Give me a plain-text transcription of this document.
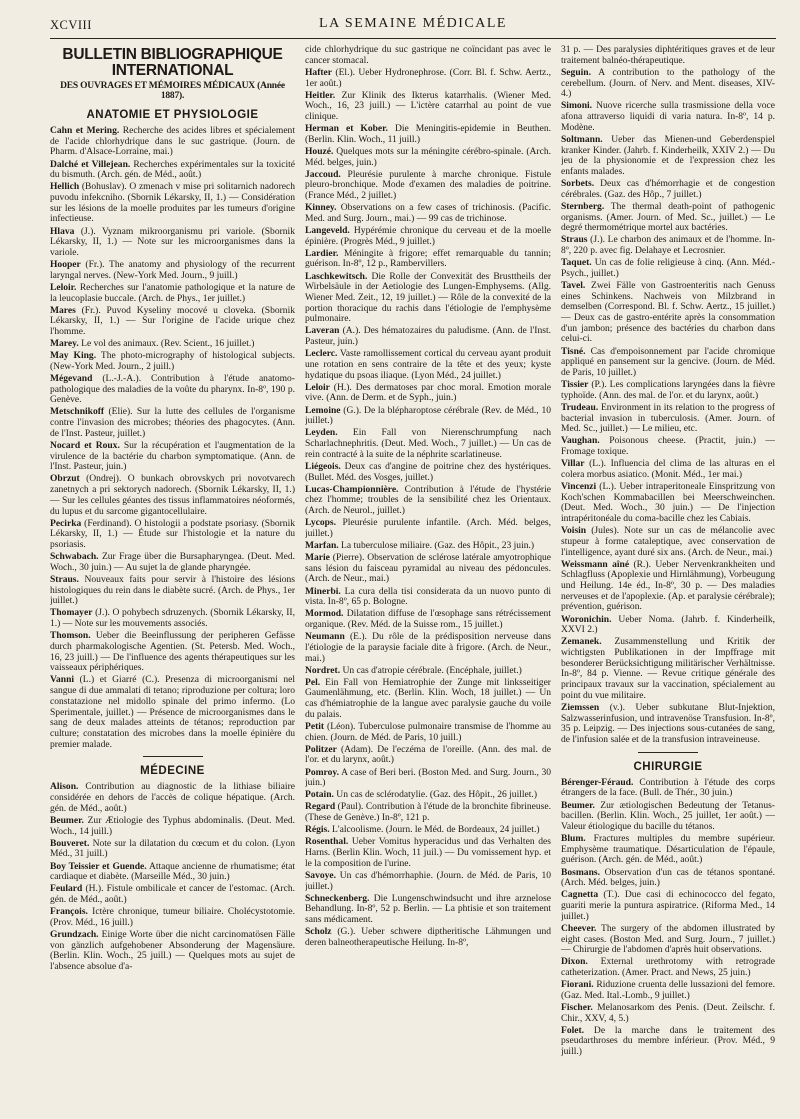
XCVIII	LA SEMAINE MÉDICALE
BULLETIN BIBLIOGRAPHIQUE INTERNATIONAL
DES OUVRAGES ET MÉMOIRES MÉDICAUX (Année 1887).
ANATOMIE ET PHYSIOLOGIE

Cahn et Mering. Recherche des acides libres et spécialement de l'acide chlorhydrique dans le suc gastrique. (Journ. de Pharm. d'Alsace-Lorraine, mai.)

Dalché et Villejean. Recherches expérimentales sur la toxicité du bismuth. (Arch. gén. de Méd., août.)

Hellich (Bohuslav). O zmenach v mise pri solitarnich nadorech puvodu infekcniho. (Sbornik Lékarsky, II, 1.) — Considération sur les lésions de la moelle produites par les tumeurs d'origine infectieuse.

Hlava (J.). Vyznam mikroorganismu pri variole. (Sbornik Lékarsky, II, 1.) — Note sur les microorganismes dans la variole.

Hooper (Fr.). The anatomy and physiology of the recurrent laryngal nerves. (New-York Med. Journ., 9 juill.)

Leloir. Recherches sur l'anatomie pathologique et la nature de la leucoplasie buccale. (Arch. de Phys., 1er juillet.)

Mares (Fr.). Puvod Kyseliny mocové u cloveka. (Sbornik Lékarsky, II, 1.) — Sur l'origine de l'acide urique chez l'homme.

Marey. Le vol des animaux. (Rev. Scient., 16 juillet.)

May King. The photo-micrography of histological subjects. (New-York Med. Journ., 2 juill.)

Mégevand (L.-J.-A.). Contribution à l'étude anatomo-pathologique des maladies de la voûte du pharynx. In-8º, 190 p. Genève.

Metschnikoff (Elie). Sur la lutte des cellules de l'organisme contre l'invasion des microbes; théories des phagocytes. (Ann. de l'Inst. Pasteur, juillet.)

Nocard et Roux. Sur la récupération et l'augmentation de la virulence de la bactérie du charbon symptomatique. (Ann. de l'Inst. Pasteur, juin.)

Obrzut (Ondrej). O bunkach obrovskych pri novotvarech zanetnych a pri sektorych nadorech. (Sbornik Lékarsky, II, 1.) — Sur les cellules géantes des tissus inflammatoires néoformés, du lupus et du sarcome gigantocellulaire.

Pecirka (Ferdinand). O histologii a podstate psoriasy. (Sbornik Lékarsky, II, 1.) — Étude sur l'histologie et la nature du psoriasis.

Schwabach. Zur Frage über die Bursapharyngea. (Deut. Med. Woch., 30 juin.) — Au sujet la de glande pharyngée.

Straus. Nouveaux faits pour servir à l'histoire des lésions histologiques du rein dans le diabète sucré. (Arch. de Phys., 1er juillet.)

Thomayer (J.). O pohybech sdruzenych. (Sbornik Lékarsky, II, 1.) — Note sur les mouvements associés.

Thomson. Ueber die Beeinflussung der peripheren Gefässe durch pharmakologische Agentien. (St. Petersb. Med. Woch., 16, 23 juill.) — De l'influence des agents thérapeutiques sur les vaisseaux périphériques.

Vanni (L.) et Giarré (C.). Presenza di microorganismi nel sangue di due ammalati di tetano; riproduzione per coltura; loro constatazione nel midollo spinale del primo infermo. (Lo Sperimentale, juillet.) — Présence de microorganismes dans le sang de deux malades atteints de tétanos; reproduction par culture; constatation des microbes dans la moelle épinière du premier malade.

MÉDECINE

Alison. Contribution au diagnostic de la lithiase biliaire considérée en dehors de l'accès de colique hépatique. (Arch. gén. de Méd., août.)

Beumer. Zur Ætiologie des Typhus abdominalis. (Deut. Med. Woch., 14 juill.)

Bouveret. Note sur la dilatation du cœcum et du colon. (Lyon Méd., 31 juill.)

Boy Teissier et Guende. Attaque ancienne de rhumatisme; état cardiaque et diabète. (Marseille Méd., 30 juin.)

Feulard (H.). Fistule ombilicale et cancer de l'estomac. (Arch. gén. de Méd., août.)

François. Ictère chronique, tumeur biliaire. Cholécystotomie. (Prov. Méd., 16 juill.)

Grundzach. Einige Worte über die nicht carcinomatösen Fälle von gänzlich aufgehobener Absonderung der Magensäure. (Berlin. Klin. Woch., 25 juill.) — Quelques mots au sujet de l'absence absolue d'a-

cide chlorhydrique du suc gastrique ne coïncidant pas avec le cancer stomacal.

Hafter (El.). Ueber Hydronephrose. (Corr. Bl. f. Schw. Aertz., 1er août.)

Heitler. Zur Klinik des Ikterus katarrhalis. (Wiener Med. Woch., 16, 23 juill.) — L'ictère catarrhal au point de vue clinique.

Herman et Kober. Die Meningitis-epidemie in Beuthen. (Berlin. Klin. Woch., 11 juill.)

Houzé. Quelques mots sur la méningite cérébro-spinale. (Arch. Méd. belges, juin.)

Jaccoud. Pleurésie purulente à marche chronique. Fistule pleuro-bronchique. Mode d'examen des maladies de poitrine. (France Méd., 2 juillet.)

Kinney. Observations on a few cases of trichinosis. (Pacific. Med. and Surg. Journ., mai.) — 99 cas de trichinose.

Langeveld. Hypérémie chronique du cerveau et de la moelle épinière. (Progrès Méd., 9 juillet.)

Lardier. Méningite à frigore; effet remarquable du tannin; guérison. In-8º, 12 p., Rambervillers.

Laschkewitsch. Die Rolle der Convexität des Brusttheils der Wirbelsäule in der Aetiologie des Lungen-Emphysems. (Allg. Wiener Med. Zeit., 12, 19 juillet.) — Rôle de la convexité de la portion thoracique du rachis dans l'étiologie de l'emphysème pulmonaire.

Laveran (A.). Des hématozaires du paludisme. (Ann. de l'Inst. Pasteur, juin.)

Leclerc. Vaste ramollissement cortical du cerveau ayant produit une rotation en sens contraire de la tête et des yeux; kyste hydatique du psoas iliaque. (Lyon Méd., 24 juillet.)

Leloir (H.). Des dermatoses par choc moral. Emotion morale vive. (Ann. de Derm. et de Syph., juin.)

Lemoine (G.). De la blépharoptose cérébrale (Rev. de Méd., 10 juillet.)

Leyden. Ein Fall von Nierenschrumpfung nach Scharlachnephritis. (Deut. Med. Woch., 7 juillet.) — Un cas de rein contracté à la suite de la néphrite scarlatineuse.

Liégeois. Deux cas d'angine de poitrine chez des hystériques. (Bullet. Méd. des Vosges, juillet.)

Lucas-Championnière. Contribution à l'étude de l'hystérie chez l'homme; troubles de la sensibilité chez les Orientaux. (Arch. de Neurol., juillet.)

Lycops. Pleurésie purulente infantile. (Arch. Méd. belges, juillet.)

Marfan. La tuberculose miliaire. (Gaz. des Hôpit., 23 juin.)

Marie (Pierre). Observation de sclérose latérale amyotrophique sans lésion du faisceau pyramidal au niveau des pédoncules. (Arch. de Neur., mai.)

Minerbi. La cura della tisi considerata da un nuovo punto di vista. In-8º, 65 p. Bologne.

Mormod. Dilatation diffuse de l'œsophage sans rétrécissement organique. (Rev. Méd. de la Suisse rom., 15 juillet.)

Neumann (E.). Du rôle de la prédisposition nerveuse dans l'étiologie de la paraysie faciale dite à frigore. (Arch. de Neur., mai.)

Nordret. Un cas d'atropie cérébrale. (Encéphale, juillet.)

Pel. Ein Fall von Hemiatrophie der Zunge mit linksseitiger Gaumenlähmung, etc. (Berlin. Klin. Woch, 18 juillet.) — Un cas d'hémiatrophie de la langue avec paralysie gauche du voile du palais.

Petit (Léon). Tuberculose pulmonaire transmise de l'homme au chien. (Journ. de Méd. de Paris, 10 juill.)

Politzer (Adam). De l'eczéma de l'oreille. (Ann. des mal. de l'or. et du larynx, août.)

Pomroy. A case of Beri beri. (Boston Med. and Surg. Journ., 30 juin.)

Potain. Un cas de sclérodatylie. (Gaz. des Hôpit., 26 juillet.)

Regard (Paul). Contribution à l'étude de la bronchite fibrineuse. (These de Genève.) In-8º, 121 p.

Régis. L'alcoolisme. (Journ. le Méd. de Bordeaux, 24 juillet.)

Rosenthal. Ueber Vomitus hyperacidus und das Verhalten des Harns. (Berlin Klin. Woch, 11 juil.) — Du vomissement hyp. et le la composition de l'urine.

Savoye. Un cas d'hémorrhaphie. (Journ. de Méd. de Paris, 10 juillet.)

Schneckenberg. Die Lungenschwindsucht und ihre arznelose Behandlung. In-8º, 52 p. Berlin. — La phtisie et son traitement sans médicament.

Scholz (G.). Ueber schwere diptheritische Lähmungen und deren balneotherapeutische Heilung. In-8º,

31 p. — Des paralysies diphtéritiques graves et de leur traitement balnéo-thérapeutique.

Seguin. A contribution to the pathology of the cerebellum. (Journ. of Nerv. and Ment. diseases, XIV-4.)

Simoni. Nuove ricerche sulla trasmissione della voce afona attraverso liquidi di varia natura. In-8º, 14 p. Modène.

Soltmann. Ueber das Mienen-und Geberdenspiel kranker Kinder. (Jahrb. f. Kinderheilk, XXIV 2.) — Du jeu de la physionomie et de l'expression chez les enfants malades.

Sorbets. Deux cas d'hémorrhagie et de congestion cérébrales. (Gaz. des Hôp., 7 juillet.)

Sternberg. The thermal death-point of pathogenic organisms. (Amer. Journ. of Med. Sc., juillet.) — Le degré thermométrique mortel aux bactéries.

Straus (J.). Le charbon des animaux et de l'homme. In-8º, 220 p. avec fig. Delahaye et Lecrosnier.

Taquet. Un cas de folie religieuse à cinq. (Ann. Méd.-Psych., juillet.)

Tavel. Zwei Fälle von Gastroenteritis nach Genuss eines Schinkens. Nachweis von Milzbrand in demselben (Correspond. Bl. f. Schw. Aertz., 15 juillet.) — Deux cas de gastro-entérite après la consommation d'un jambon; présence des bactéries du charbon dans celui-ci.

Tisné. Cas d'empoisonnement par l'acide chromique appliqué en pansement sur la gencive. (Journ. de Méd. de Paris, 10 juillet.)

Tissier (P.). Les complications laryngées dans la fièvre typhoïde. (Ann. des mal. de l'or. et du larynx, août.)

Trudeau. Environment in its relation to the progress of bacterial invasion in tuberculosis. (Amer. Journ. of Med. Sc., juillet.) — Le milieu, etc.

Vaughan. Poisonous cheese. (Practit, juin.) — Fromage toxique.

Villar (L.). Influencia del clima de las alturas en el colera morbus asiatico. (Monit. Méd., 1er mai.)

Vincenzi (L.). Ueber intraperitoneale Einspritzung von Koch'schen Kommabacillen bei Meerschweinchen. (Deut. Med. Woch., 30 juin.) — De l'injection intrapéritonéale du coma-bacille chez les Cabiais.

Voisin (Jules). Note sur un cas de mélancolie avec stupeur à forme cataleptique, avec conservation de l'intelligence, ayant duré six ans. (Arch. de Neur., mai.)

Weissmann aîné (R.). Ueber Nervenkrankheiten und Schlagfluss (Apoplexie und Hirnlähmung), Vorbeugung und Heilung. 14e éd., In-8º, 30 p. — Des maladies nerveuses et de l'apoplexie. (Ap. et paralysie cérébrale); prévention, guérison.

Woronichin. Ueber Noma. (Jahrb. f. Kinderheilk, XXVI 2.)

Zemanek. Zusammenstellung und Kritik der wichtigsten Publikationen in der Impffrage mit besonderer Berücksichtigung militärischer Verhältnisse. In-8º, 84 p. Vienne. — Revue critique générale des principaux travaux sur la vaccination, spécialement au point du vue militaire.

Ziemssen (v.). Ueber subkutane Blut-Injektion, Salzwasserinfusion, und intravenöse Transfusion. In-8º, 35 p. Leipzig. — Des injections sous-cutanées de sang, de l'infusion salée et de la transfusion intraveineuse.

CHIRURGIE

Bérenger-Féraud. Contribution à l'étude des corps étrangers de la face. (Bull. de Thér., 30 juin.)

Beumer. Zur ætiologischen Bedeutung der Tetanus-bacillen. (Berlin. Klin. Woch., 25 juillet, 1er août.) — Valeur étiologique du bacille du tétanos.

Blum. Fractures multiples du membre supérieur. Emphysème traumatique. Désarticulation de l'épaule, guérison. (Arch. gén. de Méd., août.)

Bosmans. Observation d'un cas de tétanos spontané. (Arch. Méd. belges, juin.)

Cagnetta (T.). Due casi di echinococco del fegato, guariti merie la puntura aspiratrice. (Riforma Med., 14 juillet.)

Cheever. The surgery of the abdomen illustrated by eight cases. (Boston Med. and Surg. Journ., 7 juillet.) — Chirurgie de l'abdomen d'après huit observations.

Dixon. External urethrotomy with retrograde catheterization. (Amer. Pract. and News, 25 juin.)

Fiorani. Riduzione cruenta delle lussazioni del femore. (Gaz. Med. Ital.-Lomb., 9 juillet.)

Fischer. Melanosarkom des Penis. (Deut. Zeilschr. f. Chir., XXV, 4, 5.)

Folet. De la marche dans le traitement des pseudarthroses du membre inférieur. (Prov. Méd., 9 juill.)
